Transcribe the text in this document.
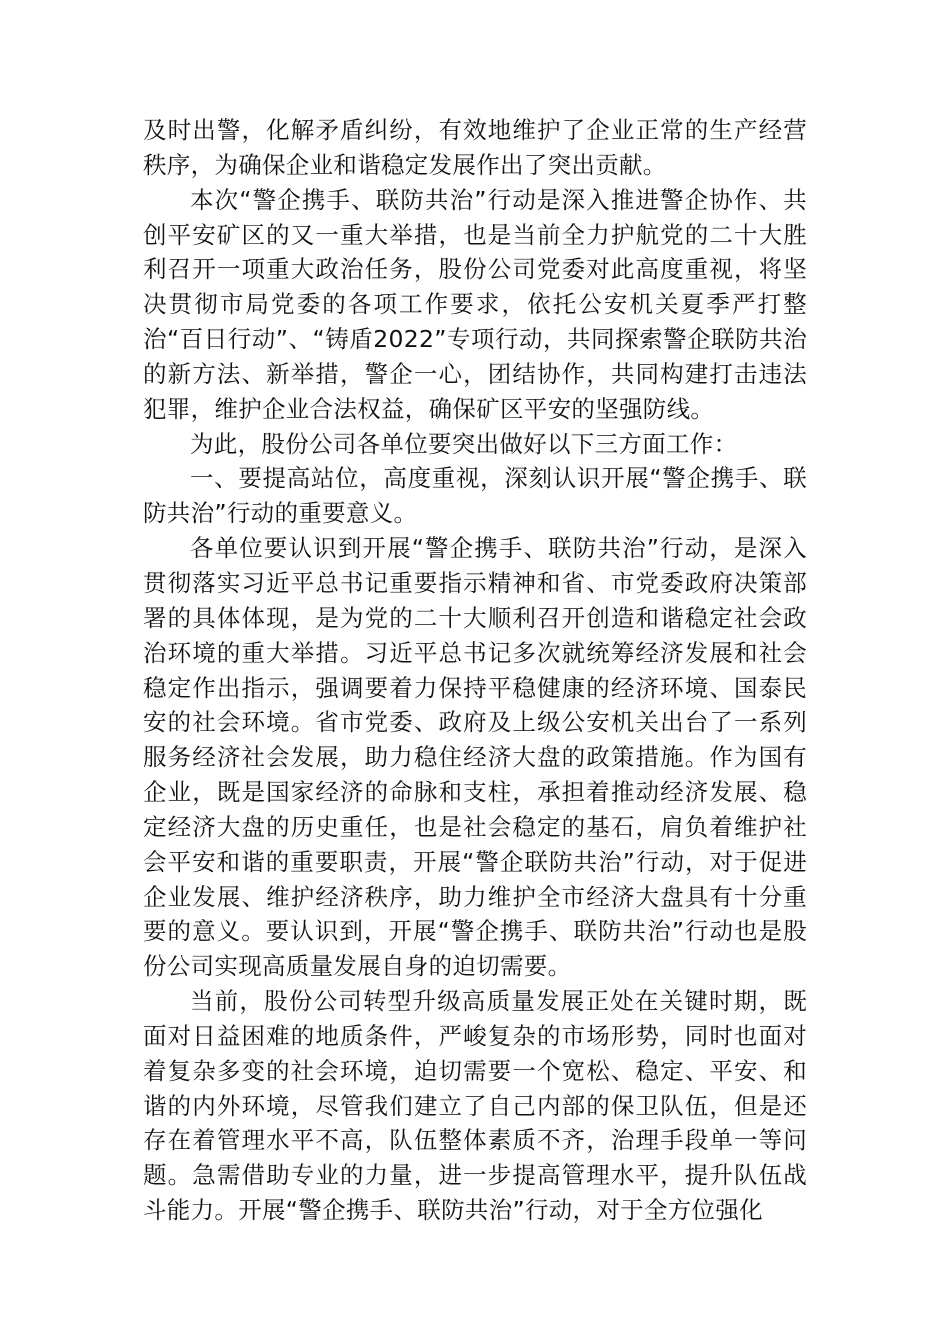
及时出警，化解矛盾纠纷，有效地维护了企业正常的生产经营秩序，为确保企业和谐稳定发展作出了突出贡献。

本次“警企携手、联防共治”行动是深入推进警企协作、共创平安矿区的又一重大举措，也是当前全力护航党的二十大胜利召开一项重大政治任务，股份公司党委对此高度重视，将坚决贯彻市局党委的各项工作要求，依托公安机关夏季严打整治“百日行动”、“铸盾2022”专项行动，共同探索警企联防共治的新方法、新举措，警企一心，团结协作，共同构建打击违法犯罪，维护企业合法权益，确保矿区平安的坚强防线。

为此，股份公司各单位要突出做好以下三方面工作：

一、要提高站位，高度重视，深刻认识开展“警企携手、联防共治”行动的重要意义。

各单位要认识到开展“警企携手、联防共治”行动，是深入贯彻落实习近平总书记重要指示精神和省、市党委政府决策部署的具体体现，是为党的二十大顺利召开创造和谐稳定社会政治环境的重大举措。习近平总书记多次就统筹经济发展和社会稳定作出指示，强调要着力保持平稳健康的经济环境、国泰民安的社会环境。省市党委、政府及上级公安机关出台了一系列服务经济社会发展，助力稳住经济大盘的政策措施。作为国有企业，既是国家经济的命脉和支柱，承担着推动经济发展、稳定经济大盘的历史重任，也是社会稳定的基石，肩负着维护社会平安和谐的重要职责，开展“警企联防共治”行动，对于促进企业发展、维护经济秩序，助力维护全市经济大盘具有十分重要的意义。要认识到，开展“警企携手、联防共治”行动也是股份公司实现高质量发展自身的迫切需要。

当前，股份公司转型升级高质量发展正处在关键时期，既面对日益困难的地质条件，严峻复杂的市场形势，同时也面对着复杂多变的社会环境，迫切需要一个宽松、稳定、平安、和谐的内外环境，尽管我们建立了自己内部的保卫队伍，但是还存在着管理水平不高，队伍整体素质不齐，治理手段单一等问题。急需借助专业的力量，进一步提高管理水平，提升队伍战斗能力。开展“警企携手、联防共治”行动，对于全方位强化
